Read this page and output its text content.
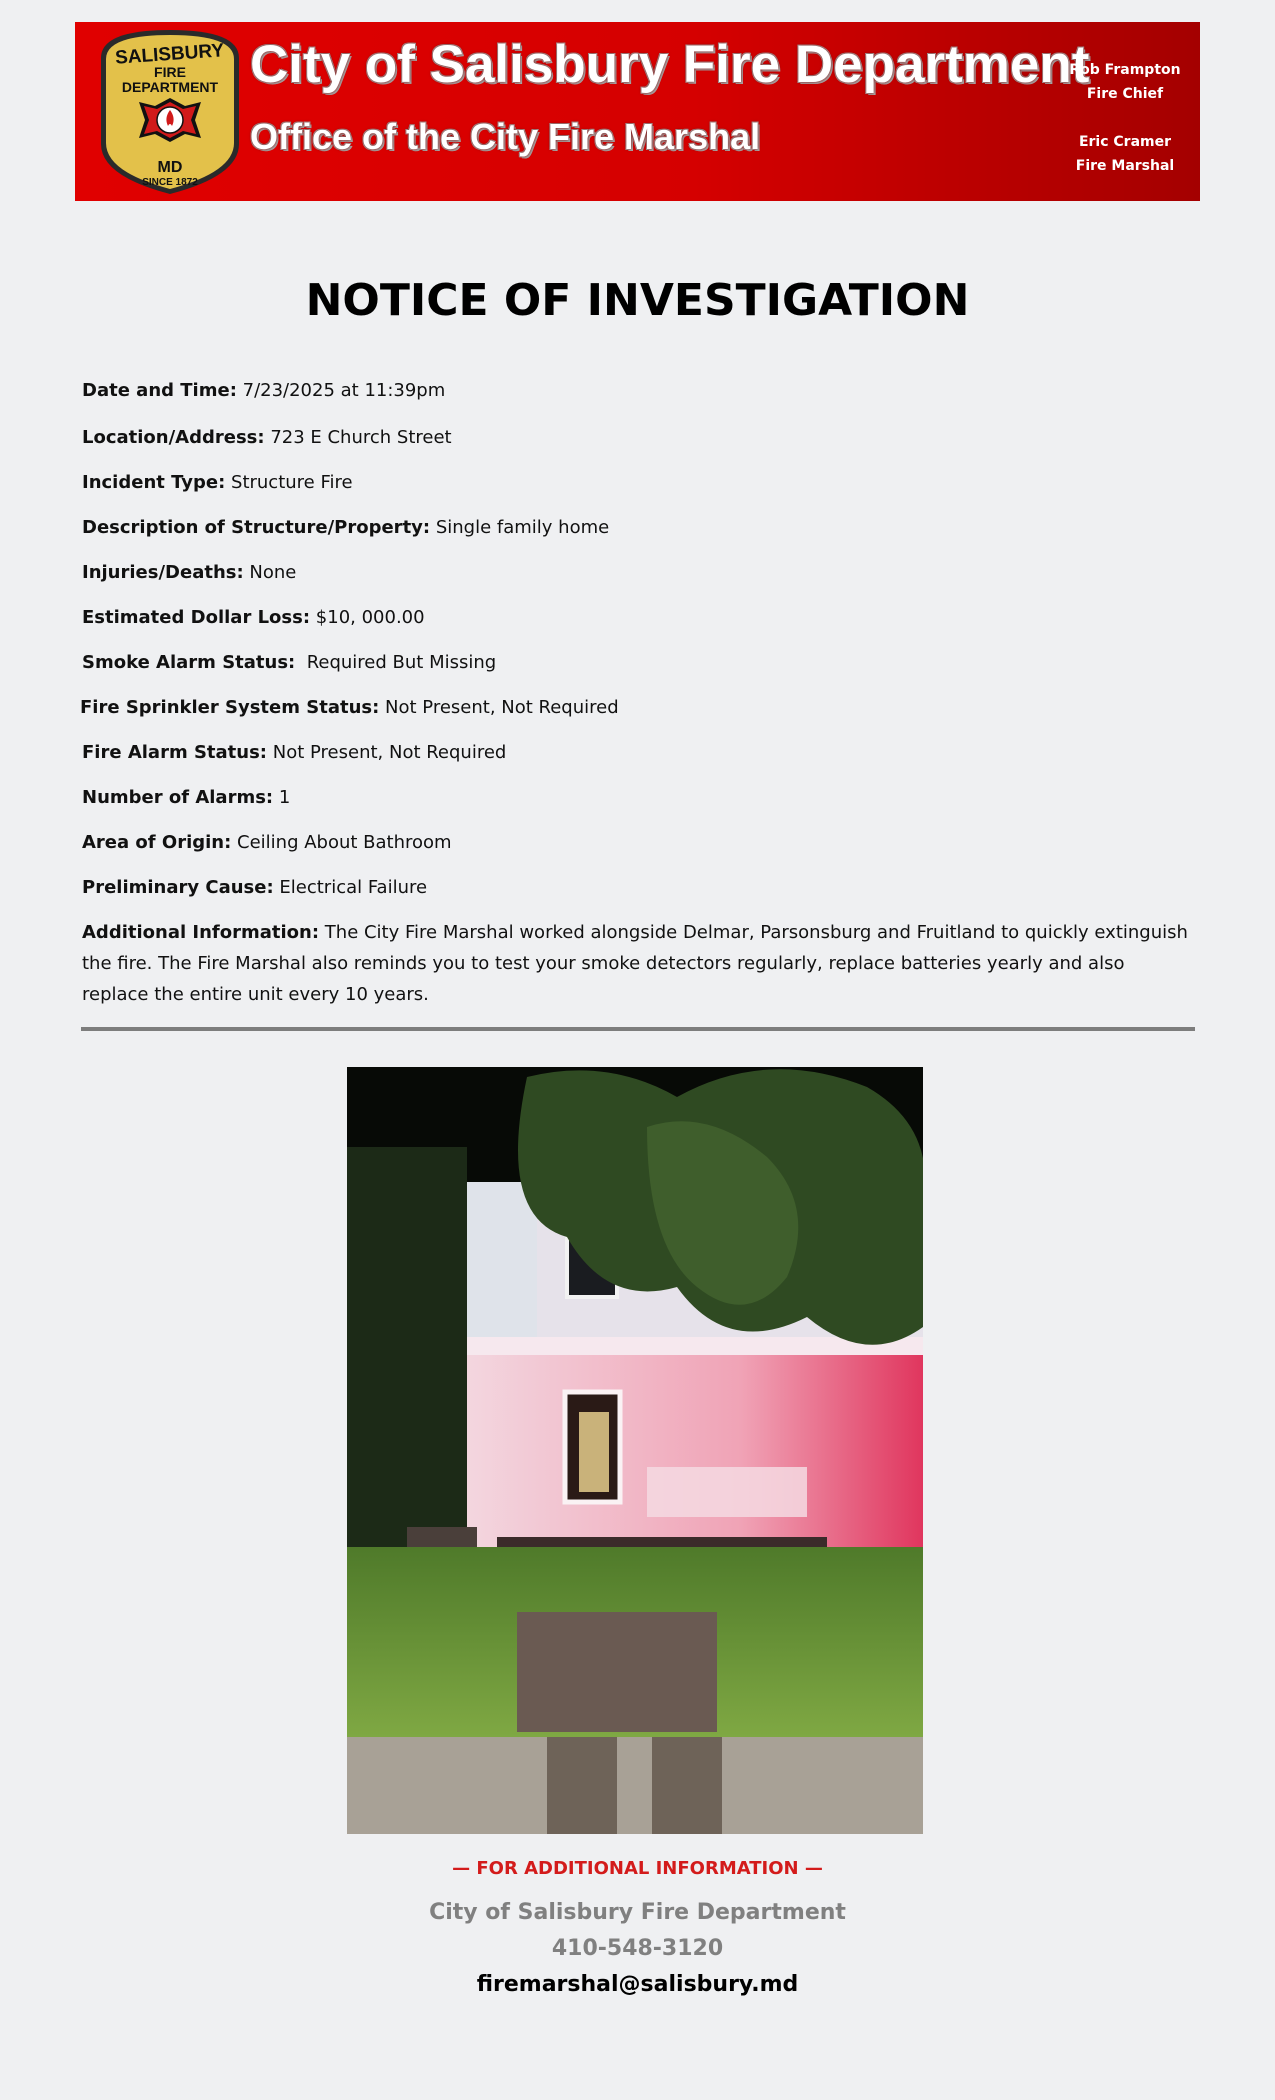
SALISBURY
FIRE
DEPARTMENT
MD
SINCE 1872
City of Salisbury Fire Department
Office of the City Fire Marshal
Rob Frampton
Fire Chief
Eric Cramer
Fire Marshal
NOTICE OF INVESTIGATION
Date and Time: 7/23/2025 at 11:39pm
Location/Address: 723 E Church Street
Incident Type: Structure Fire
Description of Structure/Property: Single family home
Injuries/Deaths: None
Estimated Dollar Loss: $10, 000.00
Smoke Alarm Status:  Required But Missing
Fire Sprinkler System Status: Not Present, Not Required
Fire Alarm Status: Not Present, Not Required
Number of Alarms: 1
Area of Origin: Ceiling About Bathroom
Preliminary Cause: Electrical Failure
Additional Information: The City Fire Marshal worked alongside Delmar, Parsonsburg and Fruitland to quickly extinguish the fire. The Fire Marshal also reminds you to test your smoke detectors regularly, replace batteries yearly and also replace the entire unit every 10 years.
— FOR ADDITIONAL INFORMATION —
City of Salisbury Fire Department
410-548-3120
firemarshal@salisbury.md
